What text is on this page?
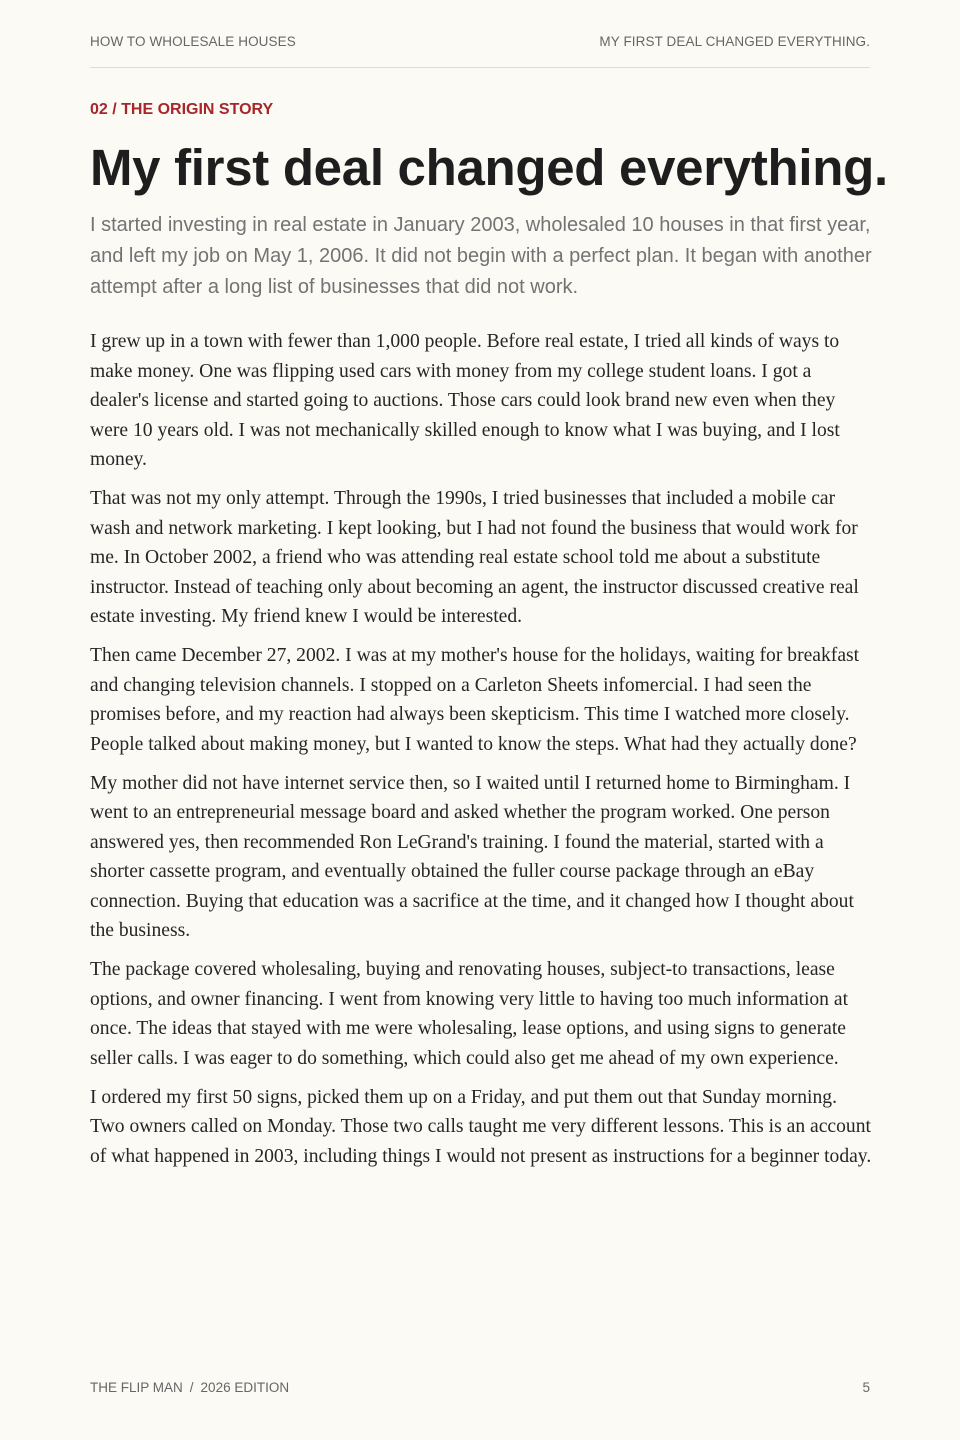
HOW TO WHOLESALE HOUSES	MY FIRST DEAL CHANGED EVERYTHING.
02 / THE ORIGIN STORY
My first deal changed everything.

I started investing in real estate in January 2003, wholesaled 10 houses in that first year, and left my job on May 1, 2006. It did not begin with a perfect plan. It began with another attempt after a long list of businesses that did not work.

I grew up in a town with fewer than 1,000 people. Before real estate, I tried all kinds of ways to make money. One was flipping used cars with money from my college student loans. I got a dealer's license and started going to auctions. Those cars could look brand new even when they were 10 years old. I was not mechanically skilled enough to know what I was buying, and I lost money.

That was not my only attempt. Through the 1990s, I tried businesses that included a mobile car wash and network marketing. I kept looking, but I had not found the business that would work for me. In October 2002, a friend who was attending real estate school told me about a substitute instructor. Instead of teaching only about becoming an agent, the instructor discussed creative real estate investing. My friend knew I would be interested.

Then came December 27, 2002. I was at my mother's house for the holidays, waiting for breakfast and changing television channels. I stopped on a Carleton Sheets infomercial. I had seen the promises before, and my reaction had always been skepticism. This time I watched more closely. People talked about making money, but I wanted to know the steps. What had they actually done?

My mother did not have internet service then, so I waited until I returned home to Birmingham. I went to an entrepreneurial message board and asked whether the program worked. One person answered yes, then recommended Ron LeGrand's training. I found the material, started with a shorter cassette program, and eventually obtained the fuller course package through an eBay connection. Buying that education was a sacrifice at the time, and it changed how I thought about the business.

The package covered wholesaling, buying and renovating houses, subject-to transactions, lease options, and owner financing. I went from knowing very little to having too much information at once. The ideas that stayed with me were wholesaling, lease options, and using signs to generate seller calls. I was eager to do something, which could also get me ahead of my own experience.

I ordered my first 50 signs, picked them up on a Friday, and put them out that Sunday morning. Two owners called on Monday. Those two calls taught me very different lessons. This is an account of what happened in 2003, including things I would not present as instructions for a beginner today.

THE FLIP MAN / 2026 EDITION	5
